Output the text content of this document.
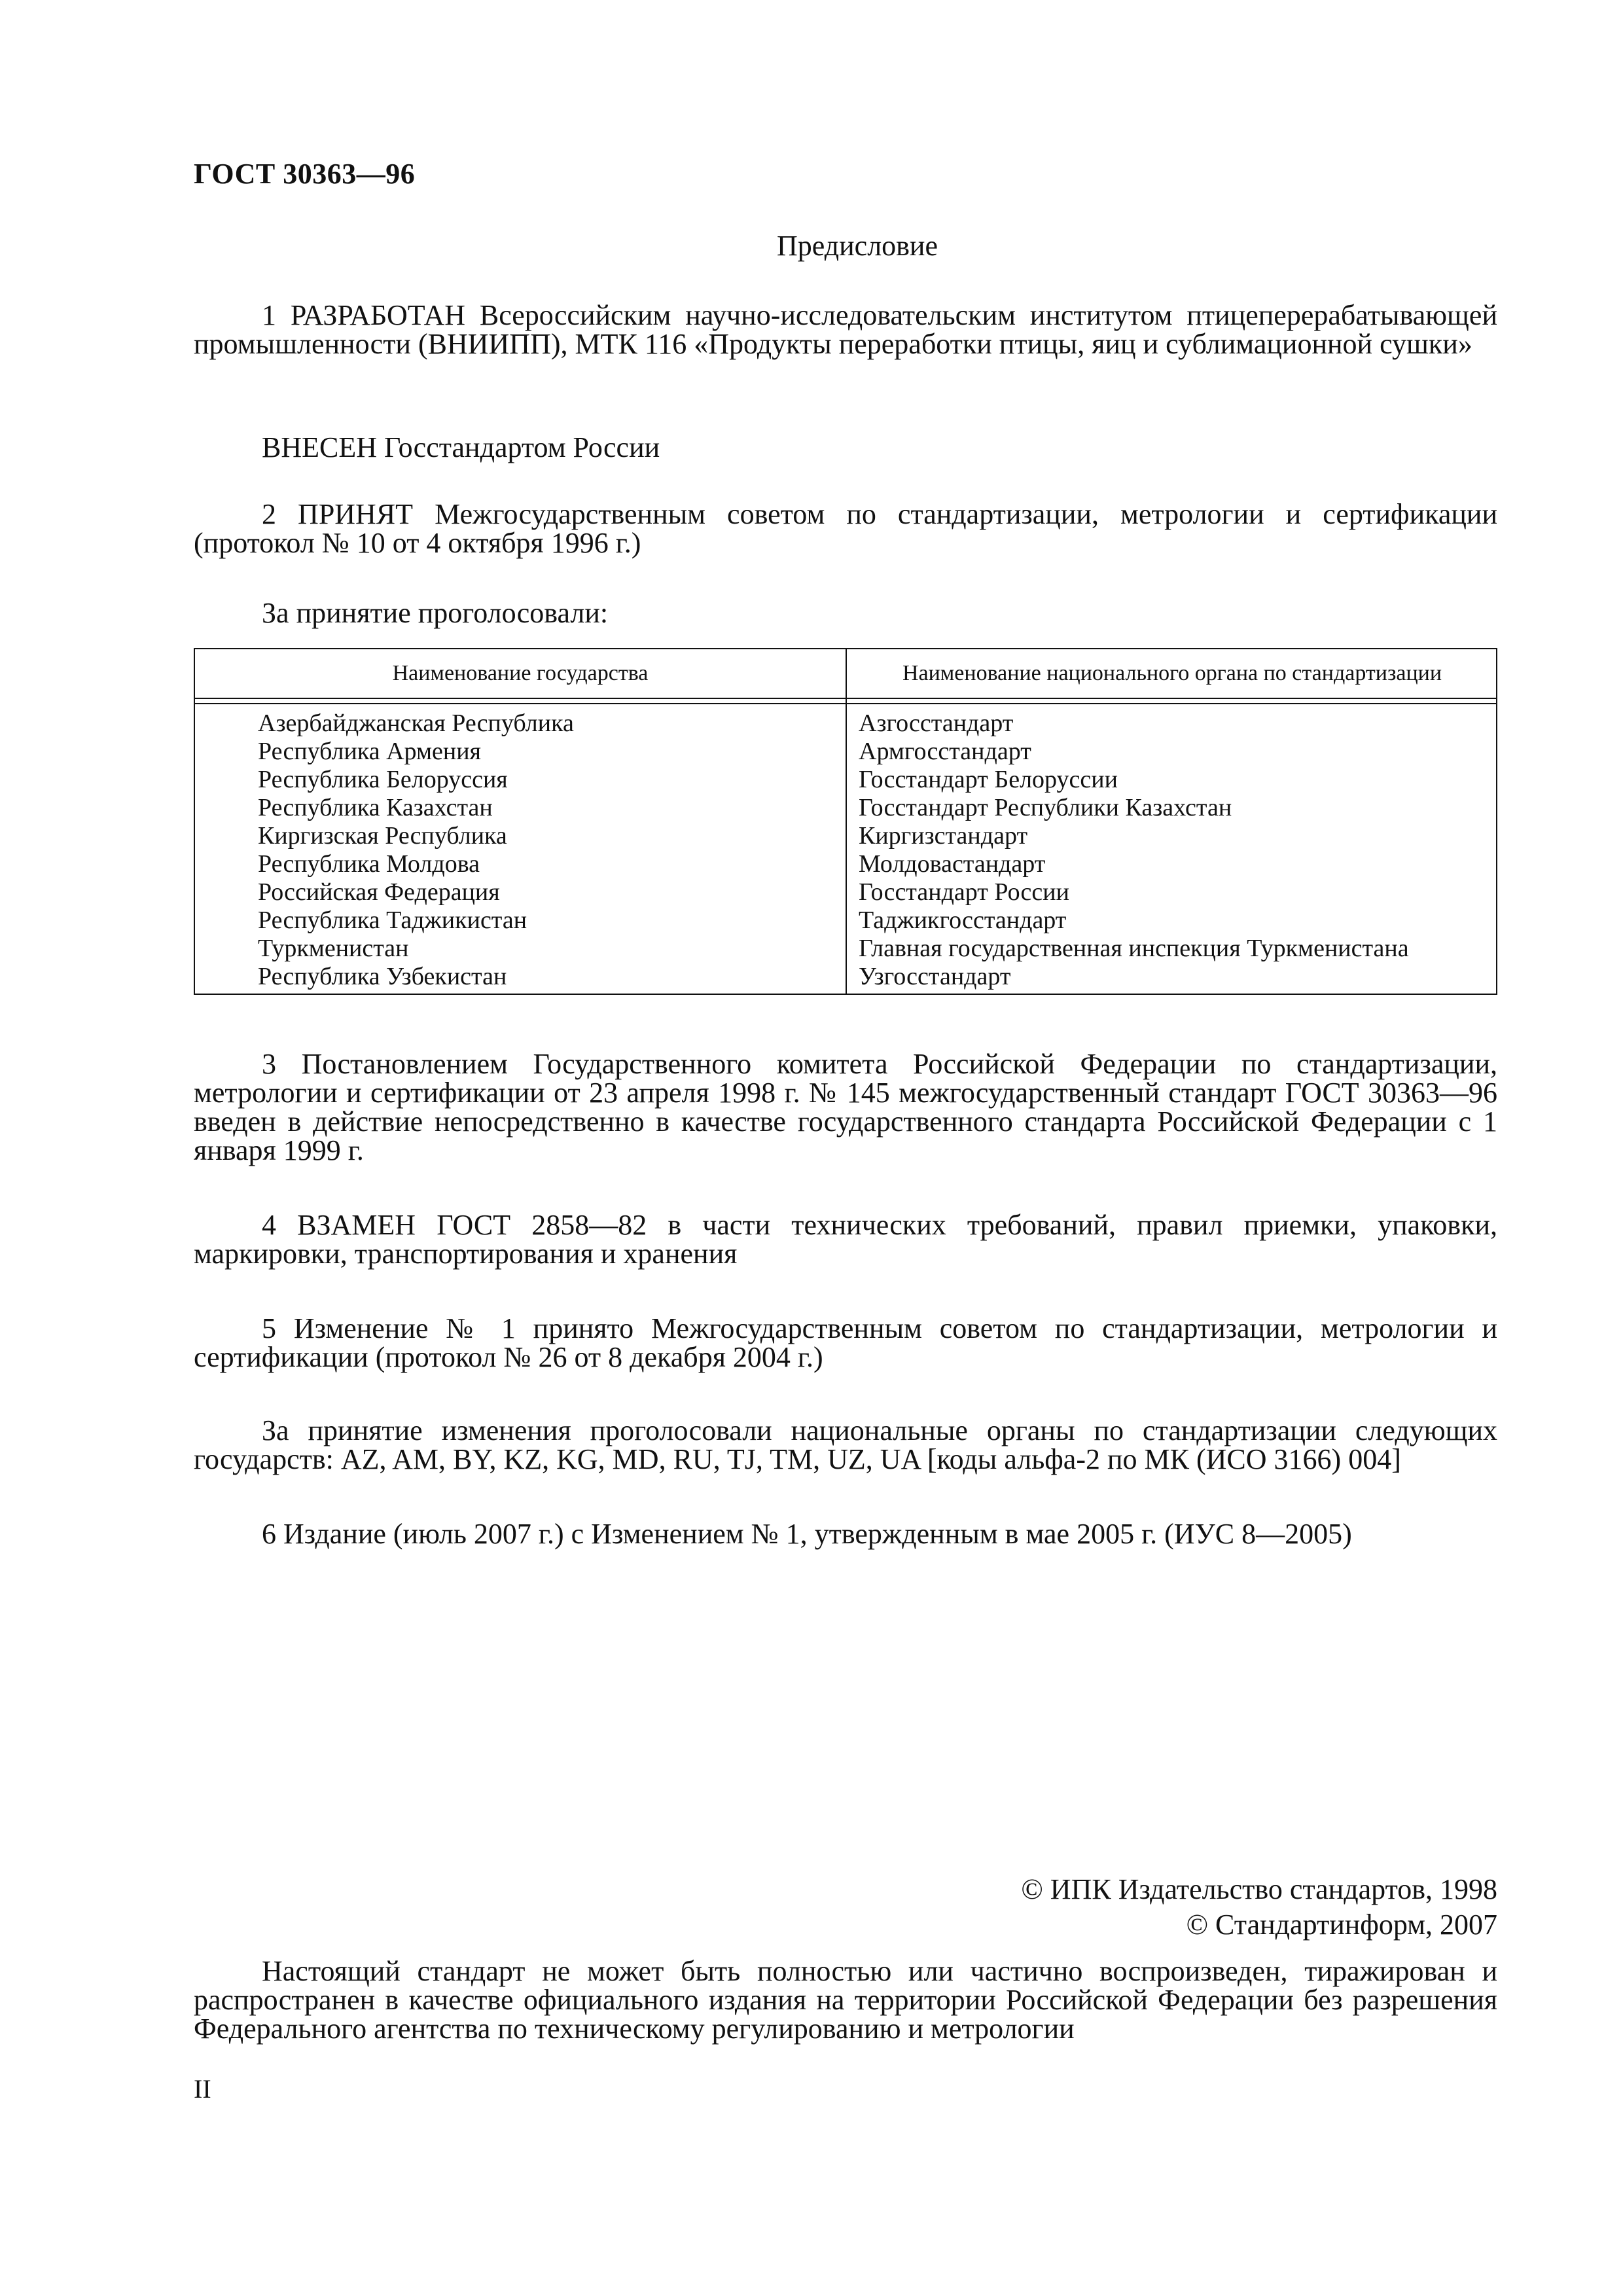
ГОСТ 30363—96
Предисловие
1 РАЗРАБОТАН Всероссийским научно-исследовательским институтом птицеперерабатывающей промышленности (ВНИИПП), МТК 116 «Продукты переработки птицы, яиц и сублимационной сушки»
ВНЕСЕН Госстандартом России
2 ПРИНЯТ Межгосударственным советом по стандартизации, метрологии и сертификации (протокол № 10 от 4 октября 1996 г.)
За принятие проголосовали:
Наименование государства	Наименование национального органа по стандартизации
Азербайджанская Республика
Республика Армения
Республика Белоруссия
Республика Казахстан
Киргизская Республика
Республика Молдова
Российская Федерация
Республика Таджикистан
Туркменистан
Республика Узбекистан
Азгосстандарт
Армгосстандарт
Госстандарт Белоруссии
Госстандарт Республики Казахстан
Киргизстандарт
Молдовастандарт
Госстандарт России
Таджикгосстандарт
Главная государственная инспекция Туркменистана
Узгосстандарт
3 Постановлением Государственного комитета Российской Федерации по стандартизации, метрологии и сертификации от 23 апреля 1998 г. № 145 межгосударственный стандарт ГОСТ 30363—96 введен в действие непосредственно в качестве государственного стандарта Российской Федерации с 1 января 1999 г.
4 ВЗАМЕН ГОСТ 2858—82 в части технических требований, правил приемки, упаковки, маркировки, транспортирования и хранения
5 Изменение № 1 принято Межгосударственным советом по стандартизации, метрологии и сертификации (протокол № 26 от 8 декабря 2004 г.)
За принятие изменения проголосовали национальные органы по стандартизации следующих государств: AZ, AM, BY, KZ, KG, MD, RU, TJ, TM, UZ, UA [коды альфа-2 по МК (ИСО 3166) 004]
6 Издание (июль 2007 г.) с Изменением № 1, утвержденным в мае 2005 г. (ИУС 8—2005)
© ИПК Издательство стандартов, 1998
© Стандартинформ, 2007
Настоящий стандарт не может быть полностью или частично воспроизведен, тиражирован и распространен в качестве официального издания на территории Российской Федерации без разрешения Федерального агентства по техническому регулированию и метрологии
II
